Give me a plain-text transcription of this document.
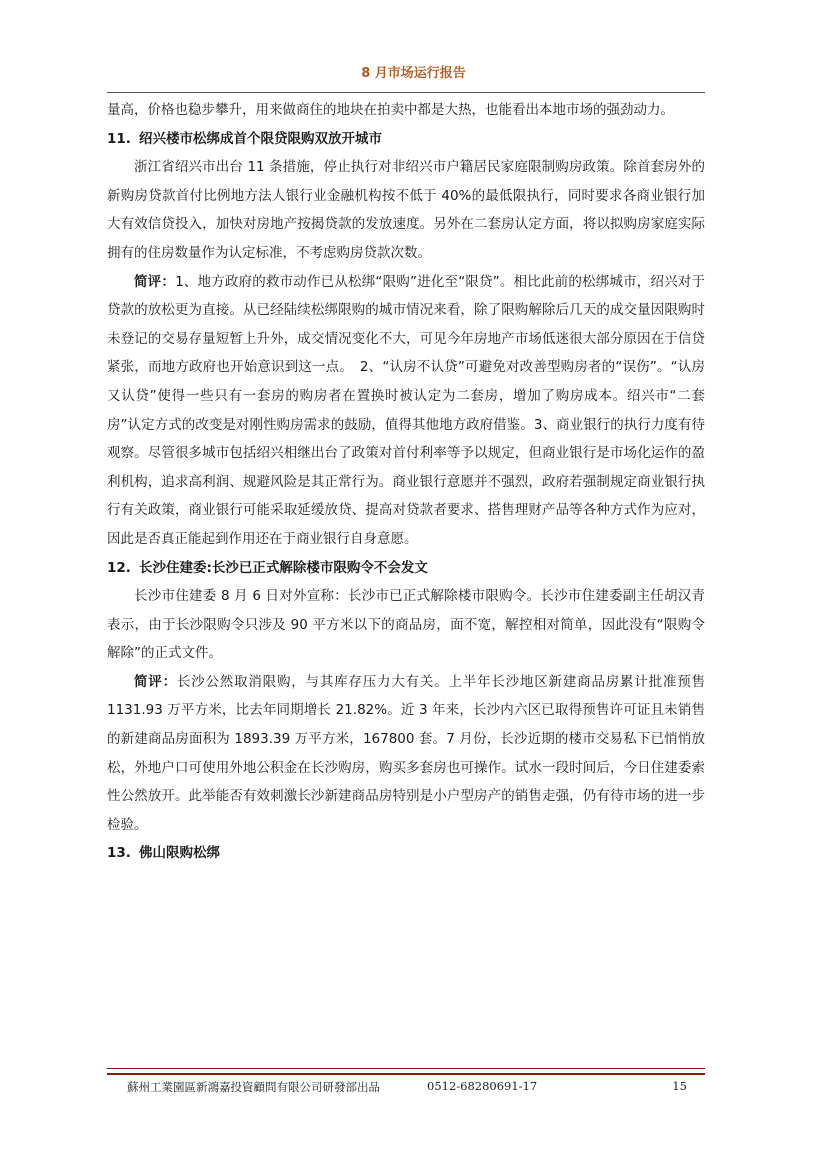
8 月市场运行报告

量高，价格也稳步攀升，用来做商住的地块在拍卖中都是大热，也能看出本地市场的强劲动力。

11. 绍兴楼市松绑成首个限贷限购双放开城市

浙江省绍兴市出台 11 条措施，停止执行对非绍兴市户籍居民家庭限制购房政策。除首套房外的新购房贷款首付比例地方法人银行业金融机构按不低于 40%的最低限执行，同时要求各商业银行加大有效信贷投入，加快对房地产按揭贷款的发放速度。另外在二套房认定方面，将以拟购房家庭实际拥有的住房数量作为认定标准，不考虑购房贷款次数。

简评：1、地方政府的救市动作已从松绑“限购”进化至“限贷”。相比此前的松绑城市，绍兴对于贷款的放松更为直接。从已经陆续松绑限购的城市情况来看，除了限购解除后几天的成交量因限购时未登记的交易存量短暂上升外，成交情况变化不大，可见今年房地产市场低迷很大部分原因在于信贷紧张，而地方政府也开始意识到这一点。　2、“认房不认贷”可避免对改善型购房者的“误伤”。“认房又认贷”使得一些只有一套房的购房者在置换时被认定为二套房，增加了购房成本。绍兴市“二套房”认定方式的改变是对刚性购房需求的鼓励，值得其他地方政府借鉴。3、商业银行的执行力度有待观察。尽管很多城市包括绍兴相继出台了政策对首付利率等予以规定，但商业银行是市场化运作的盈利机构，追求高利润、规避风险是其正常行为。商业银行意愿并不强烈，政府若强制规定商业银行执行有关政策，商业银行可能采取延缓放贷、提高对贷款者要求、搭售理财产品等各种方式作为应对，因此是否真正能起到作用还在于商业银行自身意愿。

12. 长沙住建委:长沙已正式解除楼市限购令不会发文

长沙市住建委 8 月 6 日对外宣称：长沙市已正式解除楼市限购令。长沙市住建委副主任胡汉青表示，由于长沙限购令只涉及 90 平方米以下的商品房，面不宽，解控相对简单，因此没有“限购令解除”的正式文件。

简评：长沙公然取消限购，与其库存压力大有关。上半年长沙地区新建商品房累计批准预售 1131.93 万平方米，比去年同期增长 21.82%。近 3 年来，长沙内六区已取得预售许可证且未销售的新建商品房面积为 1893.39 万平方米，167800 套。7 月份，长沙近期的楼市交易私下已悄悄放松，外地户口可使用外地公积金在长沙购房，购买多套房也可操作。试水一段时间后，今日住建委索性公然放开。此举能否有效刺激长沙新建商品房特别是小户型房产的销售走强，仍有待市场的进一步检验。

13. 佛山限购松绑

蘇州工業園區新鴻嘉投資顧問有限公司研發部出品	0512-68280691-17	15
